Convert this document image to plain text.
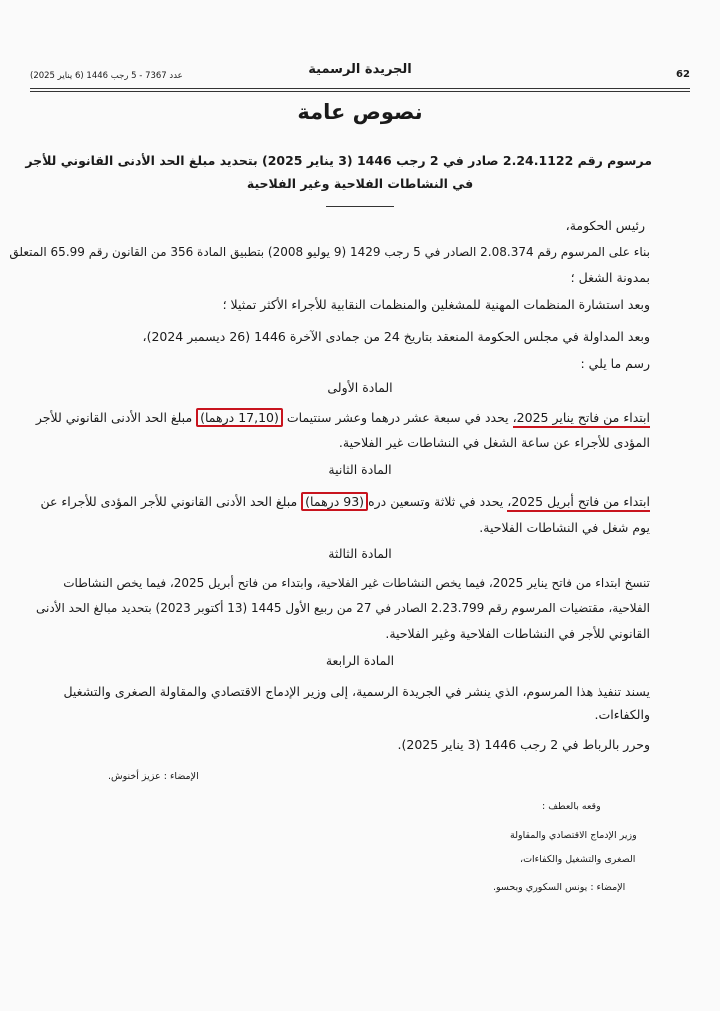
62
الجريدة الرسمية
عدد 7367 - 5 رجب 1446 (6 يناير 2025)
نصوص عامة
مرسوم رقم 2.24.1122 صادر في 2 رجب 1446 (3 يناير 2025) بتحديد مبلغ الحد الأدنى القانوني للأجر
في النشاطات الفلاحية وغير الفلاحية
رئيس الحكومة،
بناء على المرسوم رقم 2.08.374 الصادر في 5 رجب 1429 (9 يوليو 2008) بتطبيق المادة 356 من القانون رقم 65.99 المتعلق
بمدونة الشغل ؛
وبعد استشارة المنظمات المهنية للمشغلين والمنظمات النقابية للأجراء الأكثر تمثيلا ؛
وبعد المداولة في مجلس الحكومة المنعقد بتاريخ 24 من جمادى الآخرة 1446 (26 ديسمبر 2024)،
رسم ما يلي :
المادة الأولى
ابتداء من فاتح يناير 2025، يحدد في سبعة عشر درهما وعشر سنتيمات (17,10 درهما) مبلغ الحد الأدنى القانوني للأجر
المؤدى للأجراء عن ساعة الشغل في النشاطات غير الفلاحية.
المادة الثانية
ابتداء من فاتح أبريل 2025، يحدد في ثلاثة وتسعين دره(93 درهما) مبلغ الحد الأدنى القانوني للأجر المؤدى للأجراء عن
يوم شغل في النشاطات الفلاحية.
المادة الثالثة
تنسخ ابتداء من فاتح يناير 2025، فيما يخص النشاطات غير الفلاحية، وابتداء من فاتح أبريل 2025، فيما يخص النشاطات
الفلاحية، مقتضيات المرسوم رقم 2.23.799 الصادر في 27 من ربيع الأول 1445 (13 أكتوبر 2023) بتحديد مبالغ الحد الأدنى
القانوني للأجر في النشاطات الفلاحية وغير الفلاحية.
المادة الرابعة
يسند تنفيذ هذا المرسوم، الذي ينشر في الجريدة الرسمية، إلى وزير الإدماج الاقتصادي والمقاولة الصغرى والتشغيل
والكفاءات.
وحرر بالرباط في 2 رجب 1446 (3 يناير 2025).
الإمضاء : عزيز أخنوش.
وقعه بالعطف :
وزير الإدماج الاقتصادي والمقاولة
الصغرى والتشغيل والكفاءات،
الإمضاء : يونس السكوري وبحسو.
